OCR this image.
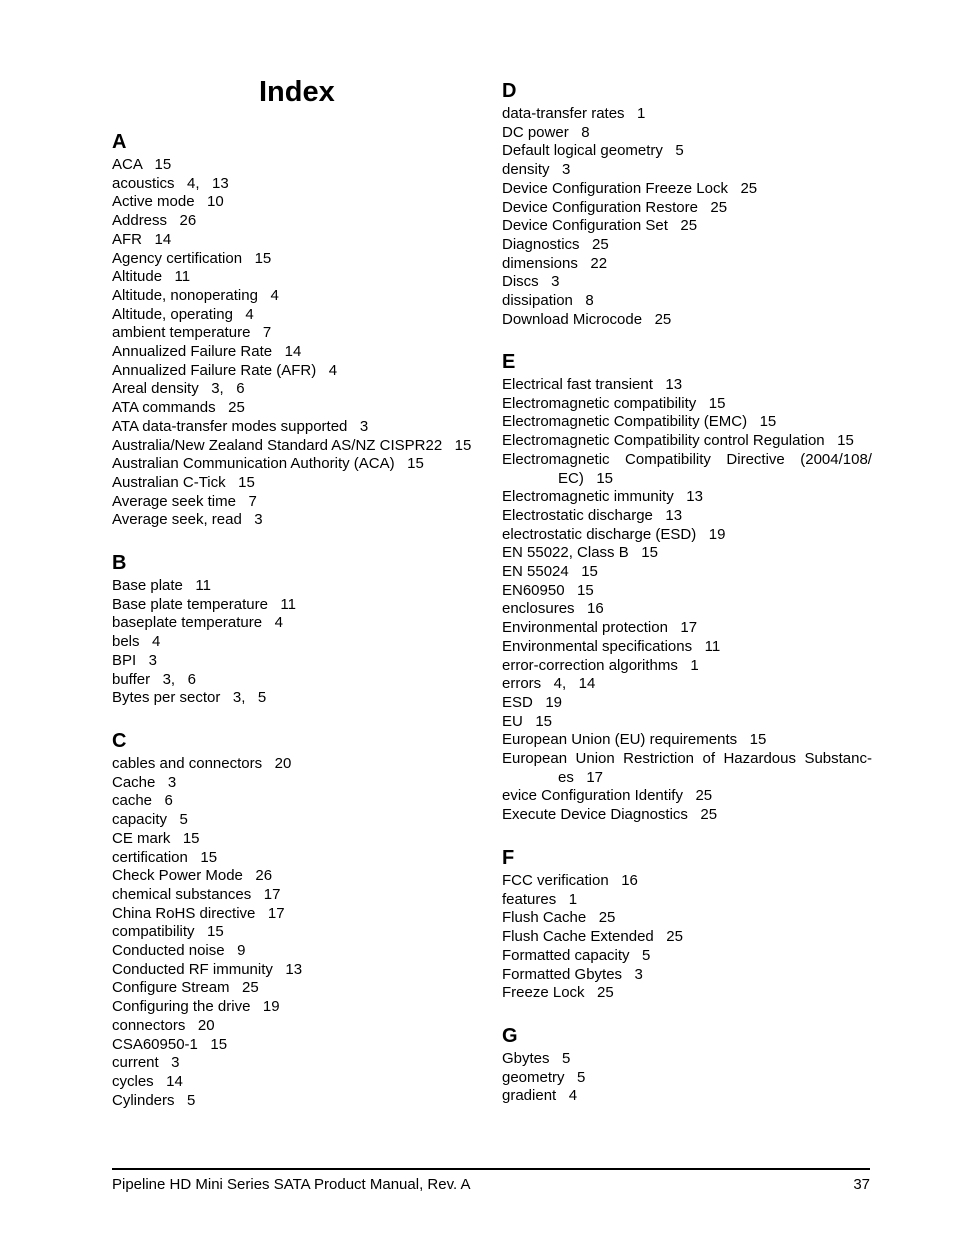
Index
A
ACA   15
acoustics   4,   13
Active mode   10
Address   26
AFR   14
Agency certification   15
Altitude   11
Altitude, nonoperating   4
Altitude, operating   4
ambient temperature   7
Annualized Failure Rate   14
Annualized Failure Rate (AFR)   4
Areal density   3,   6
ATA commands   25
ATA data-transfer modes supported   3
Australia/New Zealand Standard AS/NZ CISPR22   15
Australian Communication Authority (ACA)   15
Australian C-Tick   15
Average seek time   7
Average seek, read   3
B
Base plate   11
Base plate temperature   11
baseplate temperature   4
bels   4
BPI   3
buffer   3,   6
Bytes per sector   3,   5
C
cables and connectors   20
Cache   3
cache   6
capacity   5
CE mark   15
certification   15
Check Power Mode   26
chemical substances   17
China RoHS directive   17
compatibility   15
Conducted noise   9
Conducted RF immunity   13
Configure Stream   25
Configuring the drive   19
connectors   20
CSA60950-1   15
current   3
cycles   14
Cylinders   5
D
data-transfer rates   1
DC power   8
Default logical geometry   5
density   3
Device Configuration Freeze Lock   25
Device Configuration Restore   25
Device Configuration Set   25
Diagnostics   25
dimensions   22
Discs   3
dissipation   8
Download Microcode   25
E
Electrical fast transient   13
Electromagnetic compatibility   15
Electromagnetic Compatibility (EMC)   15
Electromagnetic Compatibility control Regulation   15
Electromagnetic Compatibility Directive (2004/108/
EC)   15
Electromagnetic immunity   13
Electrostatic discharge   13
electrostatic discharge (ESD)   19
EN 55022, Class B   15
EN 55024   15
EN60950   15
enclosures   16
Environmental protection   17
Environmental specifications   11
error-correction algorithms   1
errors   4,   14
ESD   19
EU   15
European Union (EU) requirements   15
European Union Restriction of Hazardous Substanc-
es   17
evice Configuration Identify   25
Execute Device Diagnostics   25
F
FCC verification   16
features   1
Flush Cache   25
Flush Cache Extended   25
Formatted capacity   5
Formatted Gbytes   3
Freeze Lock   25
G
Gbytes   5
geometry   5
gradient   4
Pipeline HD Mini Series SATA Product Manual, Rev. A	37
